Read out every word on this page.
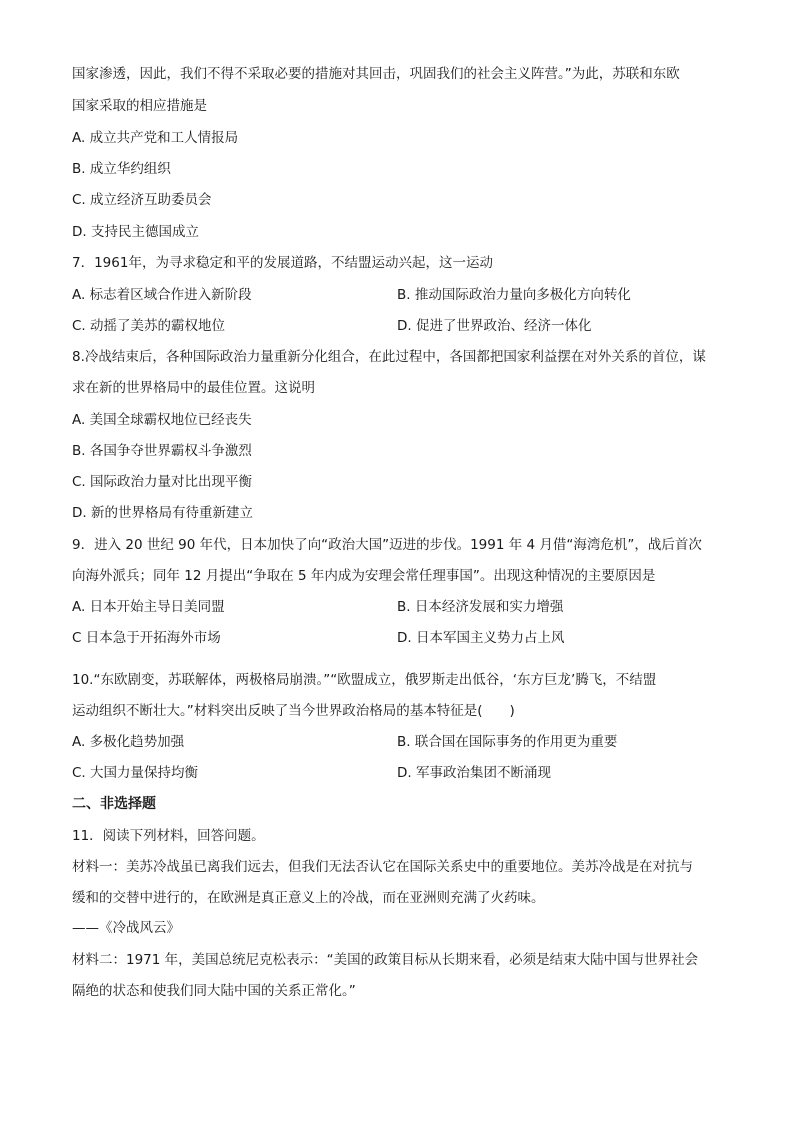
国家渗透，因此，我们不得不采取必要的措施对其回击，巩固我们的社会主义阵营。”为此，苏联和东欧
国家采取的相应措施是
A. 成立共产党和工人情报局
B. 成立华约组织
C. 成立经济互助委员会
D. 支持民主德国成立
7．1961年，为寻求稳定和平的发展道路，不结盟运动兴起，这一运动
A. 标志着区域合作进入新阶段	B. 推动国际政治力量向多极化方向转化
C. 动摇了美苏的霸权地位	D. 促进了世界政治、经济一体化
8.冷战结束后，各种国际政治力量重新分化组合，在此过程中，各国都把国家利益摆在对外关系的首位，谋
求在新的世界格局中的最佳位置。这说明
A. 美国全球霸权地位已经丧失
B. 各国争夺世界霸权斗争激烈
C. 国际政治力量对比出现平衡
D. 新的世界格局有待重新建立
9．进入 20 世纪 90 年代，日本加快了向“政治大国”迈进的步伐。1991 年 4 月借“海湾危机”，战后首次
向海外派兵；同年 12 月提出“争取在 5 年内成为安理会常任理事国”。出现这种情况的主要原因是
A. 日本开始主导日美同盟	B. 日本经济发展和实力增强
C 日本急于开拓海外市场	D. 日本军国主义势力占上风
10.“东欧剧变，苏联解体，两极格局崩溃。”“欧盟成立，俄罗斯走出低谷，‘东方巨龙’腾飞，不结盟
运动组织不断壮大。”材料突出反映了当今世界政治格局的基本特征是(　　)
A. 多极化趋势加强	B. 联合国在国际事务的作用更为重要
C. 大国力量保持均衡	D. 军事政治集团不断涌现
二、非选择题
11．阅读下列材料，回答问题。
材料一：美苏冷战虽已离我们远去，但我们无法否认它在国际关系史中的重要地位。美苏冷战是在对抗与
缓和的交替中进行的，在欧洲是真正意义上的冷战，而在亚洲则充满了火药味。
——《冷战风云》
材料二：1971 年，美国总统尼克松表示：“美国的政策目标从长期来看，必须是结束大陆中国与世界社会
隔绝的状态和使我们同大陆中国的关系正常化。”
